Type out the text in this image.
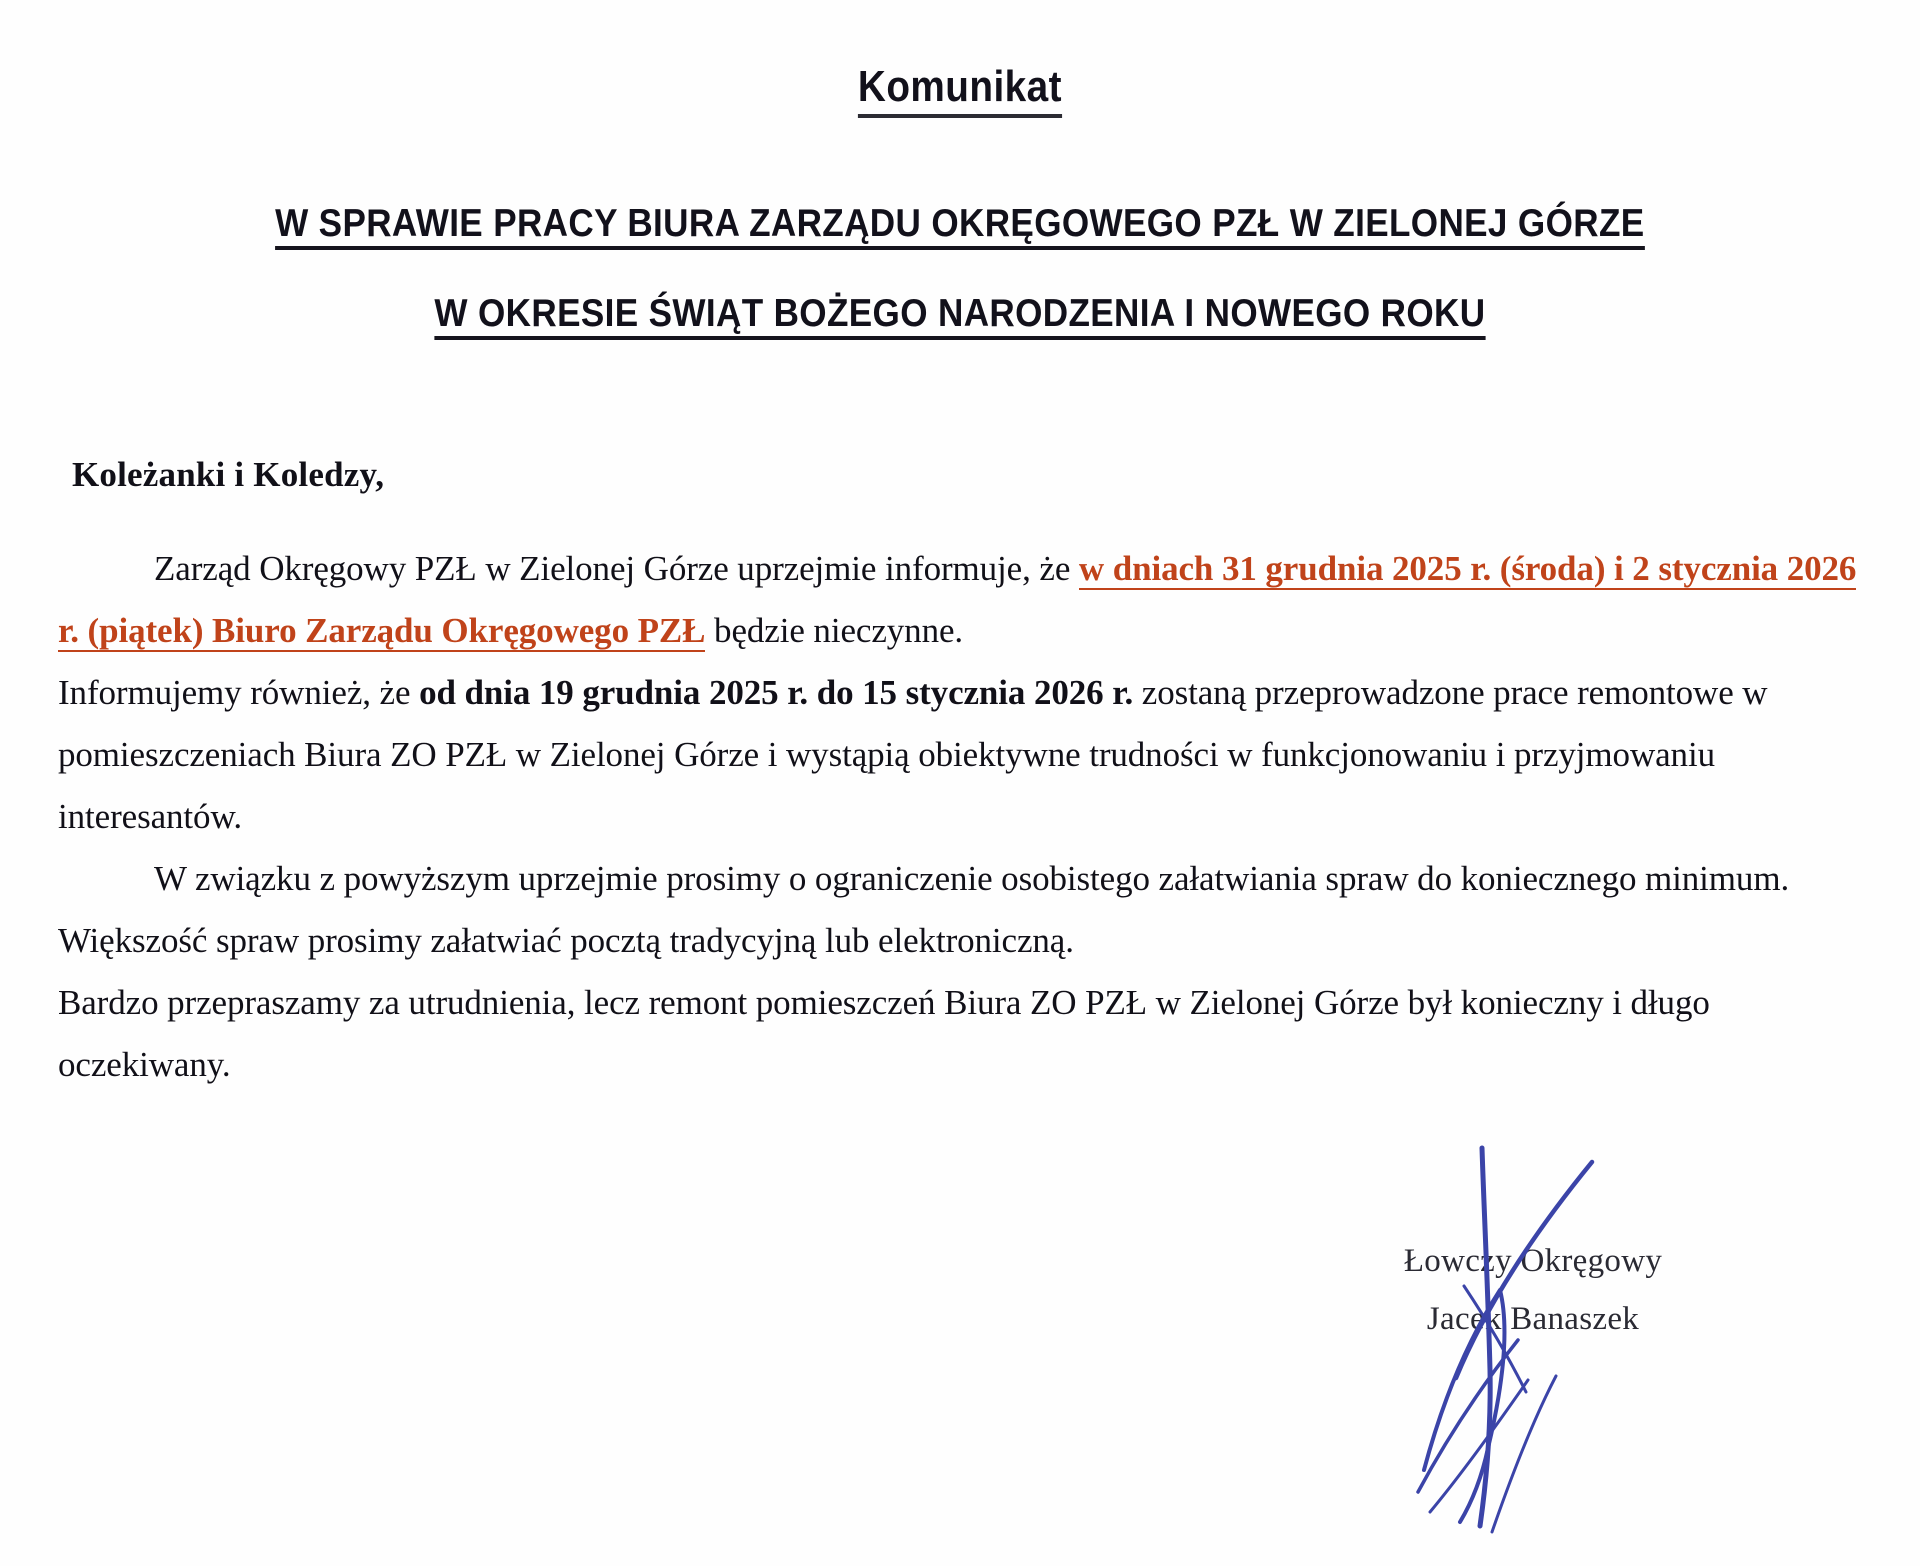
Komunikat
W SPRAWIE PRACY BIURA ZARZĄDU OKRĘGOWEGO PZŁ W ZIELONEJ GÓRZE
W OKRESIE ŚWIĄT BOŻEGO NARODZENIA I NOWEGO ROKU

Koleżanki i Koledzy,

Zarząd Okręgowy PZŁ w Zielonej Górze uprzejmie informuje, że w dniach 31 grudnia 2025 r. (środa) i 2 stycznia 2026 r. (piątek) Biuro Zarządu Okręgowego PZŁ będzie nieczynne.

Informujemy również, że od dnia 19 grudnia 2025 r. do 15 stycznia 2026 r. zostaną przeprowadzone prace remontowe w pomieszczeniach Biura ZO PZŁ w Zielonej Górze i wystąpią obiektywne trudności w funkcjonowaniu i przyjmowaniu interesantów.

W związku z powyższym uprzejmie prosimy o ograniczenie osobistego załatwiania spraw do koniecznego minimum. Większość spraw prosimy załatwiać pocztą tradycyjną lub elektroniczną.

Bardzo przepraszamy za utrudnienia, lecz remont pomieszczeń Biura ZO PZŁ w Zielonej Górze był konieczny i długo oczekiwany.

Łowczy Okręgowy
Jacek Banaszek
